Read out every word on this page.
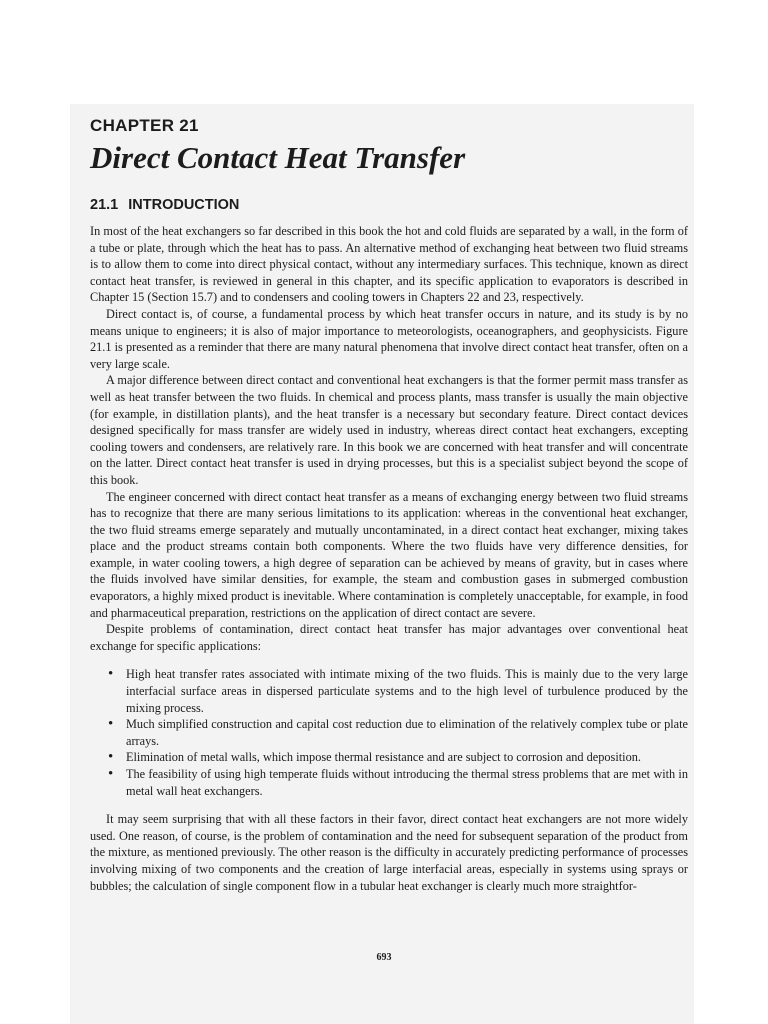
CHAPTER 21
Direct Contact Heat Transfer
21.1 INTRODUCTION

In most of the heat exchangers so far described in this book the hot and cold fluids are separated by a wall, in the form of a tube or plate, through which the heat has to pass. An alternative method of exchanging heat between two fluid streams is to allow them to come into direct physical contact, without any intermediary surfaces. This technique, known as direct contact heat transfer, is reviewed in general in this chapter, and its specific application to evaporators is described in Chapter 15 (Section 15.7) and to condensers and cooling towers in Chapters 22 and 23, respectively.

Direct contact is, of course, a fundamental process by which heat transfer occurs in nature, and its study is by no means unique to engineers; it is also of major importance to meteorologists, oceanographers, and geophysicists. Figure 21.1 is presented as a reminder that there are many natural phenomena that involve direct contact heat transfer, often on a very large scale.

A major difference between direct contact and conventional heat exchangers is that the former permit mass transfer as well as heat transfer between the two fluids. In chemical and process plants, mass transfer is usually the main objective (for example, in distillation plants), and the heat transfer is a necessary but secondary feature. Direct contact devices designed specifically for mass transfer are widely used in industry, whereas direct contact heat exchangers, excepting cooling towers and condensers, are relatively rare. In this book we are concerned with heat transfer and will concentrate on the latter. Direct contact heat transfer is used in drying processes, but this is a specialist subject beyond the scope of this book.

The engineer concerned with direct contact heat transfer as a means of exchanging energy between two fluid streams has to recognize that there are many serious limitations to its application: whereas in the conventional heat exchanger, the two fluid streams emerge separately and mutually uncontaminated, in a direct contact heat exchanger, mixing takes place and the product streams contain both components. Where the two fluids have very difference densities, for example, in water cooling towers, a high degree of separation can be achieved by means of gravity, but in cases where the fluids involved have similar densities, for example, the steam and combustion gases in submerged combustion evaporators, a highly mixed product is inevitable. Where contamination is completely unacceptable, for example, in food and pharmaceutical preparation, restrictions on the application of direct contact are severe.

Despite problems of contamination, direct contact heat transfer has major advantages over conventional heat exchange for specific applications:

• High heat transfer rates associated with intimate mixing of the two fluids. This is mainly due to the very large interfacial surface areas in dispersed particulate systems and to the high level of turbulence produced by the mixing process.
• Much simplified construction and capital cost reduction due to elimination of the relatively complex tube or plate arrays.
• Elimination of metal walls, which impose thermal resistance and are subject to corrosion and deposition.
• The feasibility of using high temperate fluids without introducing the thermal stress problems that are met with in metal wall heat exchangers.

It may seem surprising that with all these factors in their favor, direct contact heat exchangers are not more widely used. One reason, of course, is the problem of contamination and the need for subsequent separation of the product from the mixture, as mentioned previously. The other reason is the difficulty in accurately predicting performance of processes involving mixing of two components and the creation of large interfacial areas, especially in systems using sprays or bubbles; the calculation of single component flow in a tubular heat exchanger is clearly much more straightfor-

693
